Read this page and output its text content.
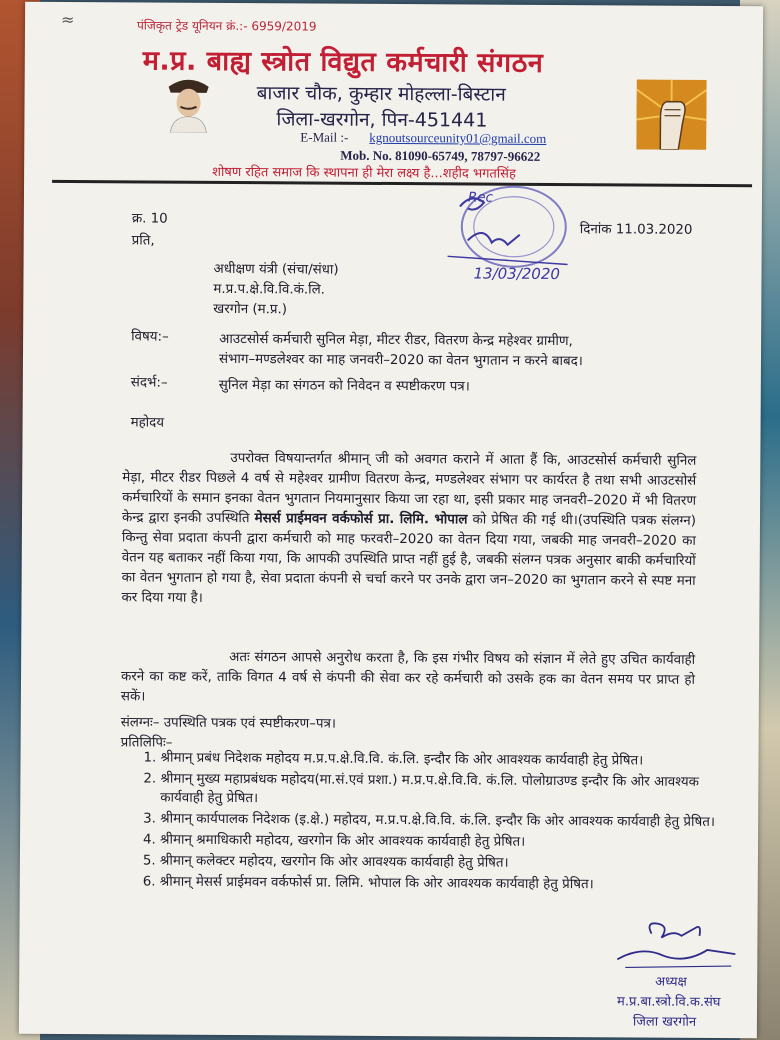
≈	पंजिकृत ट्रेड यूनियन क्रं.:- 6959/2019
म.प्र. बाह्य स्त्रोत विद्युत कर्मचारी संगठन
बाजार चौक, कुम्हार मोहल्ला-बिस्टान
जिला-खरगोन, पिन-451441
E-Mail :- kgnoutsourceunity01@gmail.com
Mob. No. 81090-65749, 78797-96622
शोषण रहित समाज कि स्थापना ही मेरा लक्ष्य है...शहीद भगतसिंह
Rec
13/03/2020
क्र. 10
प्रति,
दिनांक 11.03.2020
अधीक्षण यंत्री (संचा/संधा)
म.प्र.प.क्षे.वि.वि.कं.लि.
खरगोन (म.प्र.)
विषय:–	आउटसोर्स कर्मचारी सुनिल मेड़ा, मीटर रीडर, वितरण केन्द्र महेश्वर ग्रामीण,
संभाग–मण्डलेश्वर का माह जनवरी–2020 का वेतन भुगतान न करने बाबद।
संदर्भ:–	सुनिल मेड़ा का संगठन को निवेदन व स्पष्टीकरण पत्र।
महोदय

उपरोक्त विषयान्तर्गत श्रीमान् जी को अवगत कराने में आता हैं कि, आउटसोर्स कर्मचारी सुनिल मेड़ा, मीटर रीडर पिछले 4 वर्ष से महेश्वर ग्रामीण वितरण केन्द्र, मण्डलेश्वर संभाग पर कार्यरत है तथा सभी आउटसोर्स कर्मचारियों के समान इनका वेतन भुगतान नियमानुसार किया जा रहा था, इसी प्रकार माह जनवरी–2020 में भी वितरण केन्द्र द्वारा इनकी उपस्थिति मेसर्स प्राईमवन वर्कफोर्स प्रा. लिमि. भोपाल को प्रेषित की गई थी।(उपस्थिति पत्रक संलग्न) किन्तु सेवा प्रदाता कंपनी द्वारा कर्मचारी को माह फरवरी–2020 का वेतन दिया गया, जबकी माह जनवरी–2020 का वेतन यह बताकर नहीं किया गया, कि आपकी उपस्थिति प्राप्त नहीं हुई है, जबकी संलग्न पत्रक अनुसार बाकी कर्मचारियों का वेतन भुगतान हो गया है, सेवा प्रदाता कंपनी से चर्चा करने पर उनके द्वारा जन–2020 का भुगतान करने से स्पष्ट मना कर दिया गया है।

अतः संगठन आपसे अनुरोध करता है, कि इस गंभीर विषय को संज्ञान में लेते हुए उचित कार्यवाही करने का कष्ट करें, ताकि विगत 4 वर्ष से कंपनी की सेवा कर रहे कर्मचारी को उसके हक का वेतन समय पर प्राप्त हो सकें।

संलग्नः– उपस्थिति पत्रक एवं स्पष्टीकरण–पत्र।
प्रतिलिपिः–
1. श्रीमान् प्रबंध निदेशक महोदय म.प्र.प.क्षे.वि.वि. कं.लि. इन्दौर कि ओर आवश्यक कार्यवाही हेतु प्रेषित।
2. श्रीमान् मुख्य महाप्रबंधक महोदय(मा.सं.एवं प्रशा.) म.प्र.प.क्षे.वि.वि. कं.लि. पोलोग्राउण्ड इन्दौर कि ओर आवश्यक कार्यवाही हेतु प्रेषित।
3. श्रीमान् कार्यपालक निदेशक (इ.क्षे.) महोदय, म.प्र.प.क्षे.वि.वि. कं.लि. इन्दौर कि ओर आवश्यक कार्यवाही हेतु प्रेषित।
4. श्रीमान् श्रमाधिकारी महोदय, खरगोन कि ओर आवश्यक कार्यवाही हेतु प्रेषित।
5. श्रीमान् कलेक्टर महोदय, खरगोन कि ओर आवश्यक कार्यवाही हेतु प्रेषित।
6. श्रीमान् मेसर्स प्राईमवन वर्कफोर्स प्रा. लिमि. भोपाल कि ओर आवश्यक कार्यवाही हेतु प्रेषित।
अध्यक्ष
म.प्र.बा.स्त्रो.वि.क.संघ
जिला खरगोन
